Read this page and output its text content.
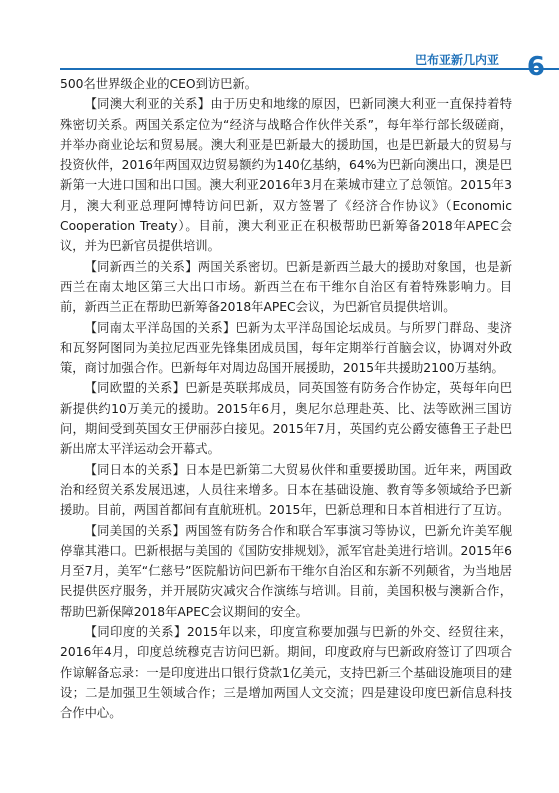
巴布亚新几内亚 6

500名世界级企业的CEO到访巴新。

【同澳大利亚的关系】由于历史和地缘的原因，巴新同澳大利亚一直保持着特殊密切关系。两国关系定位为“经济与战略合作伙伴关系”，每年举行部长级磋商，并举办商业论坛和贸易展。澳大利亚是巴新最大的援助国，也是巴新最大的贸易与投资伙伴，2016年两国双边贸易额约为140亿基纳，64%为巴新向澳出口，澳是巴新第一大进口国和出口国。澳大利亚2016年3月在莱城市建立了总领馆。2015年3月，澳大利亚总理阿博特访问巴新，双方签署了《经济合作协议》（Economic Cooperation Treaty）。目前，澳大利亚正在积极帮助巴新筹备2018年APEC会议，并为巴新官员提供培训。

【同新西兰的关系】两国关系密切。巴新是新西兰最大的援助对象国，也是新西兰在南太地区第三大出口市场。新西兰在布干维尔自治区有着特殊影响力。目前，新西兰正在帮助巴新筹备2018年APEC会议，为巴新官员提供培训。

【同南太平洋岛国的关系】巴新为太平洋岛国论坛成员。与所罗门群岛、斐济和瓦努阿图同为美拉尼西亚先锋集团成员国，每年定期举行首脑会议，协调对外政策，商讨加强合作。巴新每年对周边岛国开展援助，2015年共援助2100万基纳。

【同欧盟的关系】巴新是英联邦成员，同英国签有防务合作协定，英每年向巴新提供约10万美元的援助。2015年6月，奥尼尔总理赴英、比、法等欧洲三国访问，期间受到英国女王伊丽莎白接见。2015年7月，英国约克公爵安德鲁王子赴巴新出席太平洋运动会开幕式。

【同日本的关系】日本是巴新第二大贸易伙伴和重要援助国。近年来，两国政治和经贸关系发展迅速，人员往来增多。日本在基础设施、教育等多领域给予巴新援助。目前，两国首都间有直航班机。2015年，巴新总理和日本首相进行了互访。

【同美国的关系】两国签有防务合作和联合军事演习等协议，巴新允许美军舰停靠其港口。巴新根据与美国的《国防安排规划》，派军官赴美进行培训。2015年6月至7月，美军“仁慈号”医院船访问巴新布干维尔自治区和东新不列颠省，为当地居民提供医疗服务，并开展防灾减灾合作演练与培训。目前，美国积极与澳新合作，帮助巴新保障2018年APEC会议期间的安全。

【同印度的关系】2015年以来，印度宣称要加强与巴新的外交、经贸往来，2016年4月，印度总统穆克吉访问巴新。期间，印度政府与巴新政府签订了四项合作谅解备忘录：一是印度进出口银行贷款1亿美元，支持巴新三个基础设施项目的建设；二是加强卫生领域合作；三是增加两国人文交流；四是建设印度巴新信息科技合作中心。
